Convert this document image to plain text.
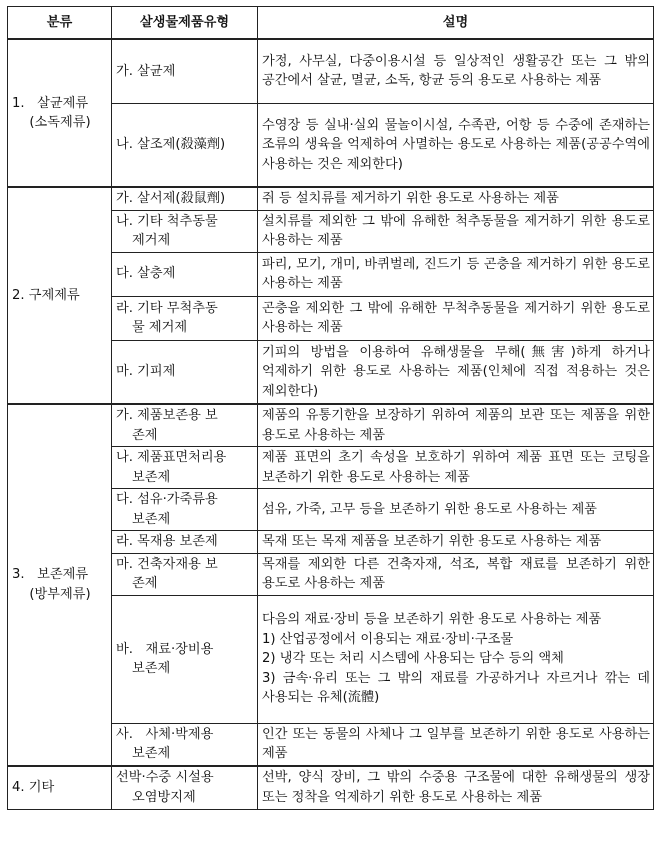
분류	살생물제품유형	설명

1.   살균제류
(소독제류)	가. 살균제	가정, 사무실, 다중이용시설 등 일상적인 생활공간 또는 그 밖의 공간에서 살균, 멸균, 소독, 항균 등의 용도로 사용하는 제품

	나. 살조제(殺藻劑)	수영장 등 실내·실외 물놀이시설, 수족관, 어항 등 수중에 존재하는 조류의 생육을 억제하여 사멸하는 용도로 사용하는 제품(공공수역에 사용하는 것은 제외한다)

2. 구제제류	가. 살서제(殺鼠劑)	쥐 등 설치류를 제거하기 위한 용도로 사용하는 제품

	나. 기타 척추동물
제거제	설치류를 제외한 그 밖에 유해한 척추동물을 제거하기 위한 용도로 사용하는 제품

	다. 살충제	파리, 모기, 개미, 바퀴벌레, 진드기 등 곤충을 제거하기 위한 용도로 사용하는 제품

	라. 기타 무척추동
물 제거제	곤충을 제외한 그 밖에 유해한 무척추동물을 제거하기 위한 용도로 사용하는 제품

	마. 기피제	기피의 방법을 이용하여 유해생물을 무해(無害)하게 하거나 억제하기 위한 용도로 사용하는 제품(인체에 직접 적용하는 것은 제외한다)

3.   보존제류
(방부제류)	가. 제품보존용 보
존제	제품의 유통기한을 보장하기 위하여 제품의 보관 또는 제품을 위한 용도로 사용하는 제품

	나. 제품표면처리용
보존제	제품 표면의 초기 속성을 보호하기 위하여 제품 표면 또는 코팅을 보존하기 위한 용도로 사용하는 제품

	다. 섬유·가죽류용
보존제	섬유, 가죽, 고무 등을 보존하기 위한 용도로 사용하는 제품

	라. 목재용 보존제	목재 또는 목재 제품을 보존하기 위한 용도로 사용하는 제품

	마. 건축자재용 보
존제	목재를 제외한 다른 건축자재, 석조, 복합 재료를 보존하기 위한 용도로 사용하는 제품

	바.   재료·장비용
보존제	다음의 재료·장비 등을 보존하기 위한 용도로 사용하는 제품
1) 산업공정에서 이용되는 재료·장비·구조물
2) 냉각 또는 처리 시스템에 사용되는 담수 등의 액체
3) 금속·유리 또는 그 밖의 재료를 가공하거나 자르거나 깎는 데 사용되는 유체(流體)

	사.   사체·박제용
보존제	인간 또는 동물의 사체나 그 일부를 보존하기 위한 용도로 사용하는 제품

4. 기타	선박·수중 시설용
오염방지제	선박, 양식 장비, 그 밖의 수중용 구조물에 대한 유해생물의 생장 또는 정착을 억제하기 위한 용도로 사용하는 제품
